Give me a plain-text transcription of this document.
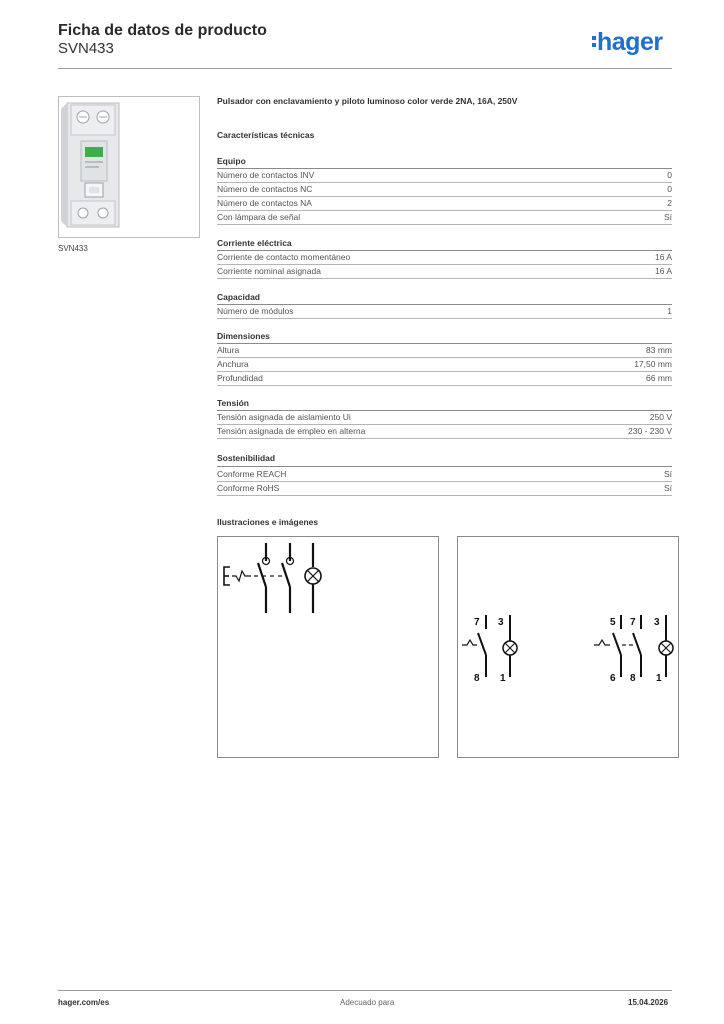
Ficha de datos de producto
SVN433	hager
SVN433
Pulsador con enclavamiento y piloto luminoso color verde 2NA, 16A, 250V
Características técnicas
Equipo
Número de contactos INV	0
Número de contactos NC	0
Número de contactos NA	2
Con lámpara de señal	Sí
Corriente eléctrica
Corriente de contacto momentáneo	16 A
Corriente nominal asignada	16 A
Capacidad
Número de módulos	1
Dimensiones
Altura	83 mm
Anchura	17,50 mm
Profundidad	66 mm
Tensión
Tensión asignada de aislamiento Ui	250 V
Tensión asignada de empleo en alterna	230 - 230 V
Sostenibilidad
Conforme REACH	Sí
Conforme RoHS	Sí
Ilustraciones e imágenes
7
8
3
1
5
6
7
8
3
1
hager.com/es	Adecuado para	15.04.2026
